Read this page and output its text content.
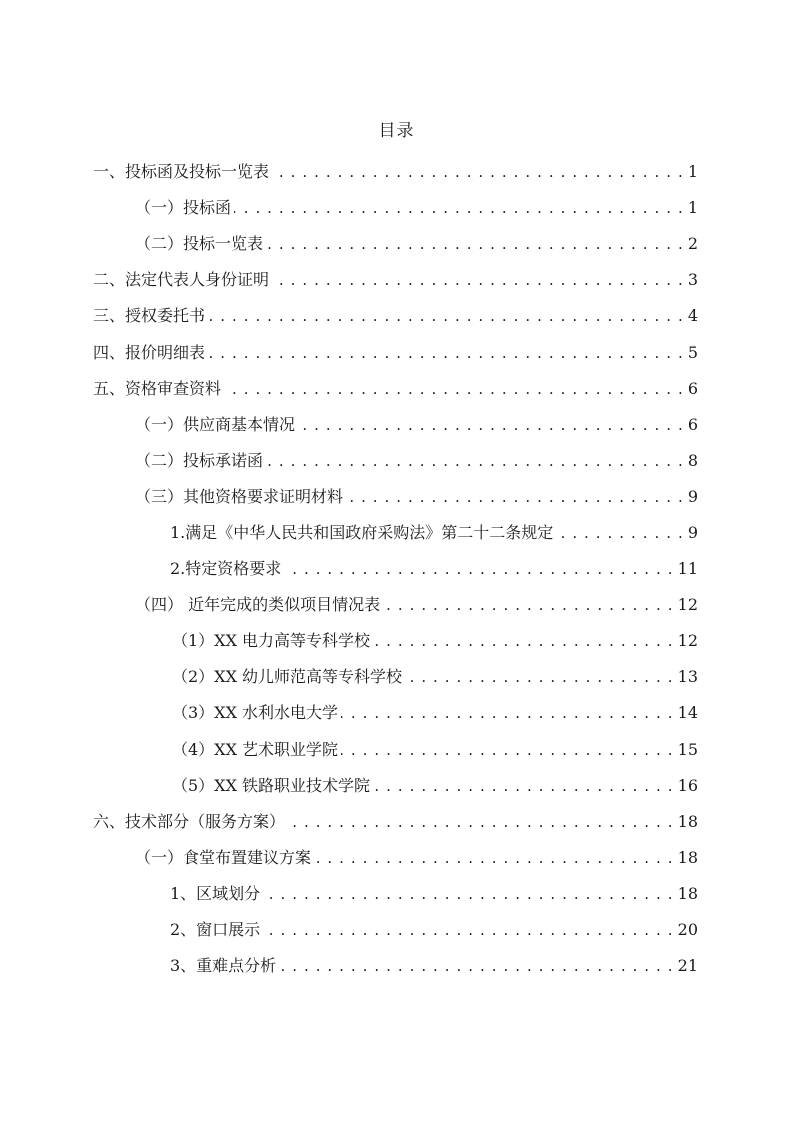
目录
一、投标函及投标一览表 . . .	1
（一）投标函 . . .	1
（二）投标一览表 . . .	2
二、法定代表人身份证明 . . .	3
三、授权委托书 . . .	4
四、报价明细表 . . .	5
五、资格审查资料 . . .	6
（一）供应商基本情况 . . .	6
（二）投标承诺函 . . .	8
（三）其他资格要求证明材料 . . .	9
1.满足《中华人民共和国政府采购法》第二十二条规定 . . .	9
2.特定资格要求 . . .	11
（四） 近年完成的类似项目情况表 . . .	12
（1）XX 电力高等专科学校 . . .	12
（2）XX 幼儿师范高等专科学校 . . .	13
（3）XX 水利水电大学 . . .	14
（4）XX 艺术职业学院 . . .	15
（5）XX 铁路职业技术学院 . . .	16
六、技术部分（服务方案） . . .	18
（一）食堂布置建议方案 . . .	18
1、区域划分 . . .	18
2、窗口展示 . . .	20
3、重难点分析 . . .	21
